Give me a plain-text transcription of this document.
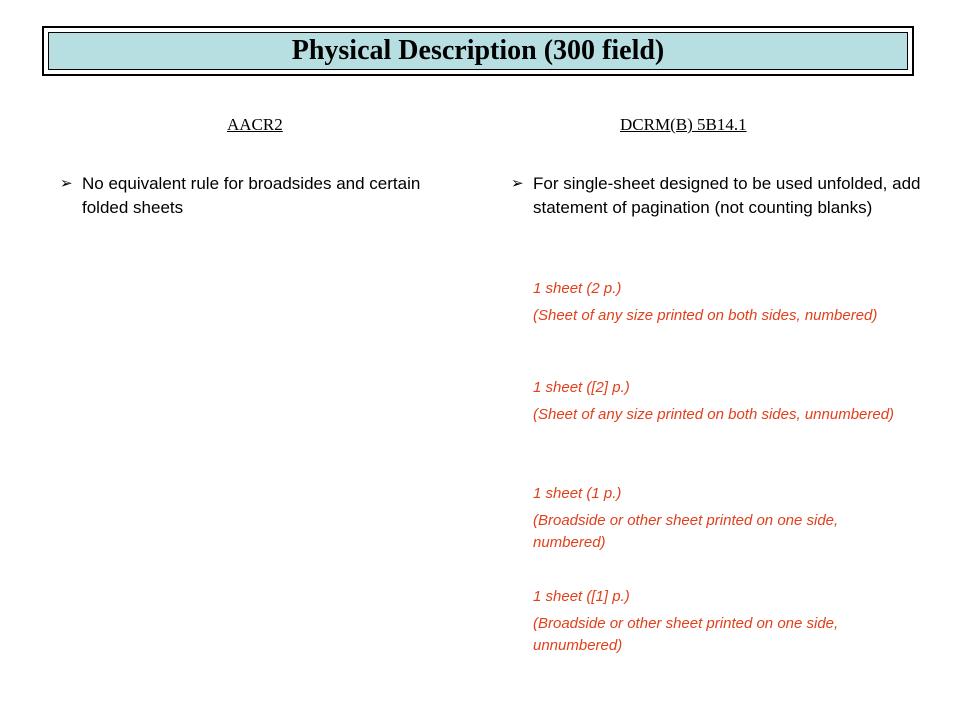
Physical Description (300 field)
AACR2	DCRM(B) 5B14.1
➢ No equivalent rule for broadsides and certain folded sheets
➢ For single-sheet designed to be used unfolded, add statement of pagination (not counting blanks)
1 sheet (2 p.)
(Sheet of any size printed on both sides, numbered)
1 sheet ([2] p.)
(Sheet of any size printed on both sides, unnumbered)
1 sheet (1 p.)
(Broadside or other sheet printed on one side, numbered)
1 sheet ([1] p.)
(Broadside or other sheet printed on one side, unnumbered)
